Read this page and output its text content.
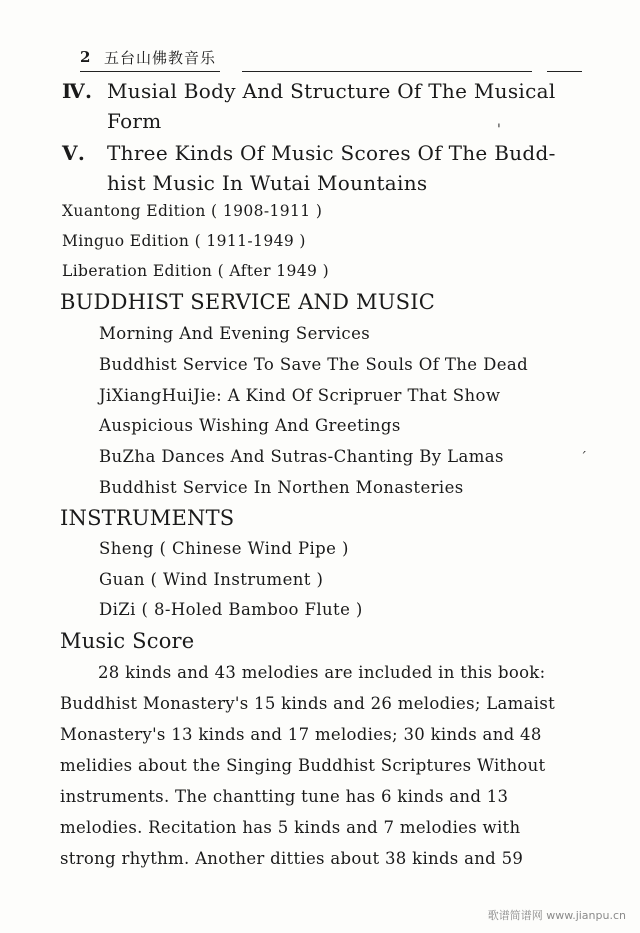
2 五台山佛教音乐
Ⅳ. Musial Body And Structure Of The Musical
Form
Ⅴ. Three Kinds Of Music Scores Of The Budd-
hist Music In Wutai Mountains
Xuantong Edition ( 1908-1911 )
Minguo Edition ( 1911-1949 )
Liberation Edition ( After 1949 )
BUDDHIST SERVICE AND MUSIC
Morning And Evening Services
Buddhist Service To Save The Souls Of The Dead
JiXiangHuiJie: A Kind Of Scripruer That Show
Auspicious Wishing And Greetings
BuZha Dances And Sutras-Chanting By Lamas
Buddhist Service In Northen Monasteries
INSTRUMENTS
Sheng ( Chinese Wind Pipe )
Guan ( Wind Instrument )
DiZi ( 8-Holed Bamboo Flute )
Music Score
28 kinds and 43 melodies are included in this book:
Buddhist Monastery's 15 kinds and 26 melodies; Lamaist
Monastery's 13 kinds and 17 melodies; 30 kinds and 48
melidies about the Singing Buddhist Scriptures Without
instruments. The chantting tune has 6 kinds and 13
melodies. Recitation has 5 kinds and 7 melodies with
strong rhythm. Another ditties about 38 kinds and 59
'
´
歌谱简谱网 www.jianpu.cn
